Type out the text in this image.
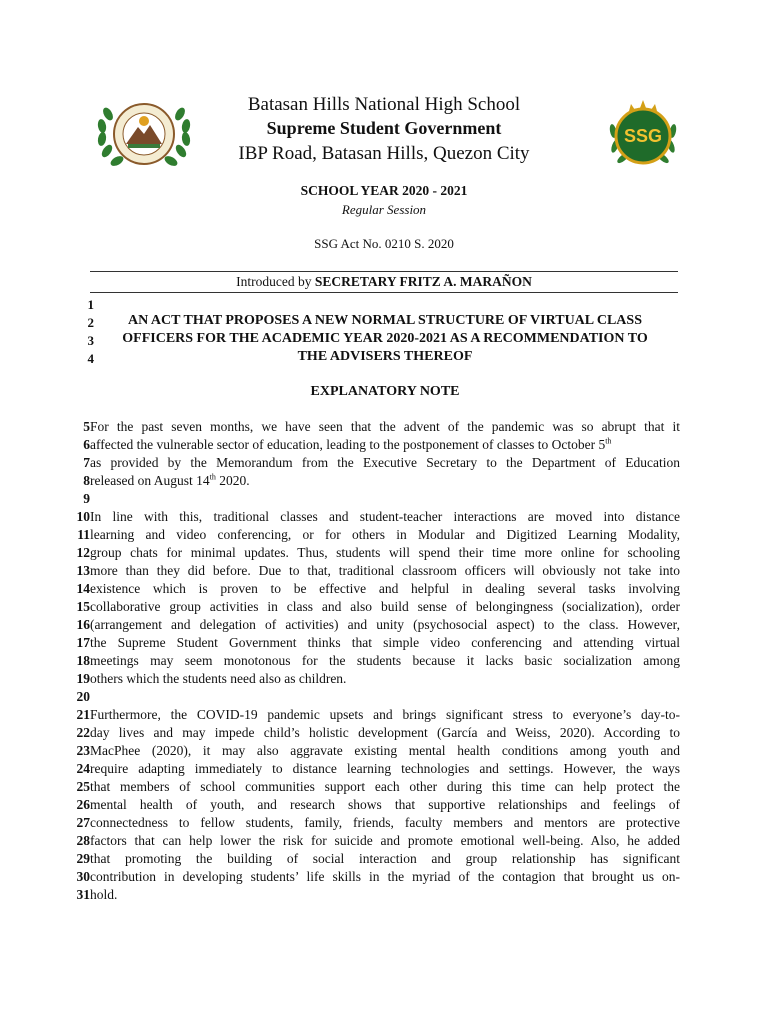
SSG
Batasan Hills National High School
Supreme Student Government
IBP Road, Batasan Hills, Quezon City
SCHOOL YEAR 2020 - 2021
Regular Session
SSG Act No. 0210 S. 2020
Introduced by SECRETARY FRITZ A. MARAÑON
1
2
3
4
AN ACT THAT PROPOSES A NEW NORMAL STRUCTURE OF VIRTUAL CLASS
OFFICERS FOR THE ACADEMIC YEAR 2020-2021 AS A RECOMMENDATION TO
THE ADVISERS THEREOF
EXPLANATORY NOTE
5 For the past seven months, we have seen that the advent of the pandemic was so abrupt that it
6 affected the vulnerable sector of education, leading to the postponement of classes to October 5th
7 as provided by the Memorandum from the Executive Secretary to the Department of Education
8 released on August 14th 2020.
9
10 In line with this, traditional classes and student-teacher interactions are moved into distance
11 learning and video conferencing, or for others in Modular and Digitized Learning Modality,
12 group chats for minimal updates. Thus, students will spend their time more online for schooling
13 more than they did before. Due to that, traditional classroom officers will obviously not take into
14 existence which is proven to be effective and helpful in dealing several tasks involving
15 collaborative group activities in class and also build sense of belongingness (socialization), order
16 (arrangement and delegation of activities) and unity (psychosocial aspect) to the class. However,
17 the Supreme Student Government thinks that simple video conferencing and attending virtual
18 meetings may seem monotonous for the students because it lacks basic socialization among
19 others which the students need also as children.
20
21 Furthermore, the COVID-19 pandemic upsets and brings significant stress to everyone’s day-to-
22 day lives and may impede child’s holistic development (García and Weiss, 2020). According to
23 MacPhee (2020), it may also aggravate existing mental health conditions among youth and
24 require adapting immediately to distance learning technologies and settings. However, the ways
25 that members of school communities support each other during this time can help protect the
26 mental health of youth, and research shows that supportive relationships and feelings of
27 connectedness to fellow students, family, friends, faculty members and mentors are protective
28 factors that can help lower the risk for suicide and promote emotional well-being. Also, he added
29 that promoting the building of social interaction and group relationship has significant
30 contribution in developing students’ life skills in the myriad of the contagion that brought us on-
31 hold.
